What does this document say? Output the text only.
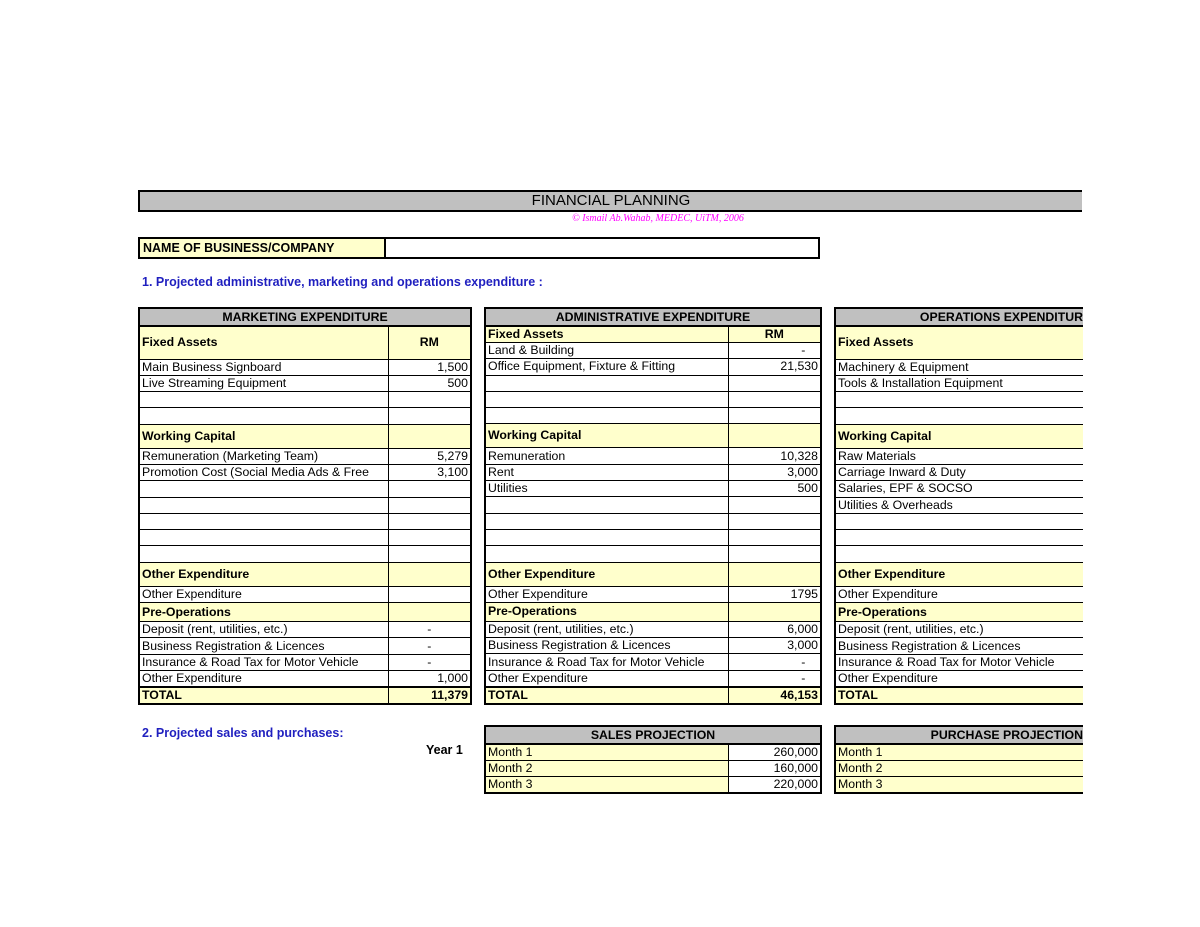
FINANCIAL PLANNING
© Ismail Ab.Wahab, MEDEC, UiTM, 2006
NAME OF BUSINESS/COMPANY
1. Projected administrative, marketing and operations expenditure :
MARKETING EXPENDITURE	
Fixed Assets	RM
Main Business Signboard	1,500
Live Streaming Equipment	500

Working Capital	
Remuneration (Marketing Team)	5,279
Promotion Cost (Social Media Ads & Free	3,100

Other Expenditure	
Other Expenditure	
Pre-Operations	
Deposit (rent, utilities, etc.)	-
Business Registration & Licences	-
Insurance & Road Tax for Motor Vehicle	-
Other Expenditure	1,000
TOTAL	11,379
ADMINISTRATIVE EXPENDITURE	
Fixed Assets	RM
Land & Building	-
Office Equipment, Fixture & Fitting	21,530

Working Capital	
Remuneration	10,328
Rent	3,000
Utilities	500

Other Expenditure	
Other Expenditure	1795
Pre-Operations	
Deposit (rent, utilities, etc.)	6,000
Business Registration & Licences	3,000
Insurance & Road Tax for Motor Vehicle	-
Other Expenditure	-
TOTAL	46,153
OPERATIONS EXPENDITUR
Fixed Assets
Machinery & Equipment
Tools & Installation Equipment

Working Capital
Raw Materials
Carriage Inward & Duty
Salaries, EPF & SOCSO
Utilities & Overheads

Other Expenditure
Other Expenditure
Pre-Operations
Deposit (rent, utilities, etc.)
Business Registration & Licences
Insurance & Road Tax for Motor Vehicle
Other Expenditure
TOTAL
2. Projected sales and purchases:
Year 1
SALES PROJECTION	
Month 1	260,000
Month 2	160,000
Month 3	220,000
PURCHASE PROJECTION
Month 1
Month 2
Month 3
